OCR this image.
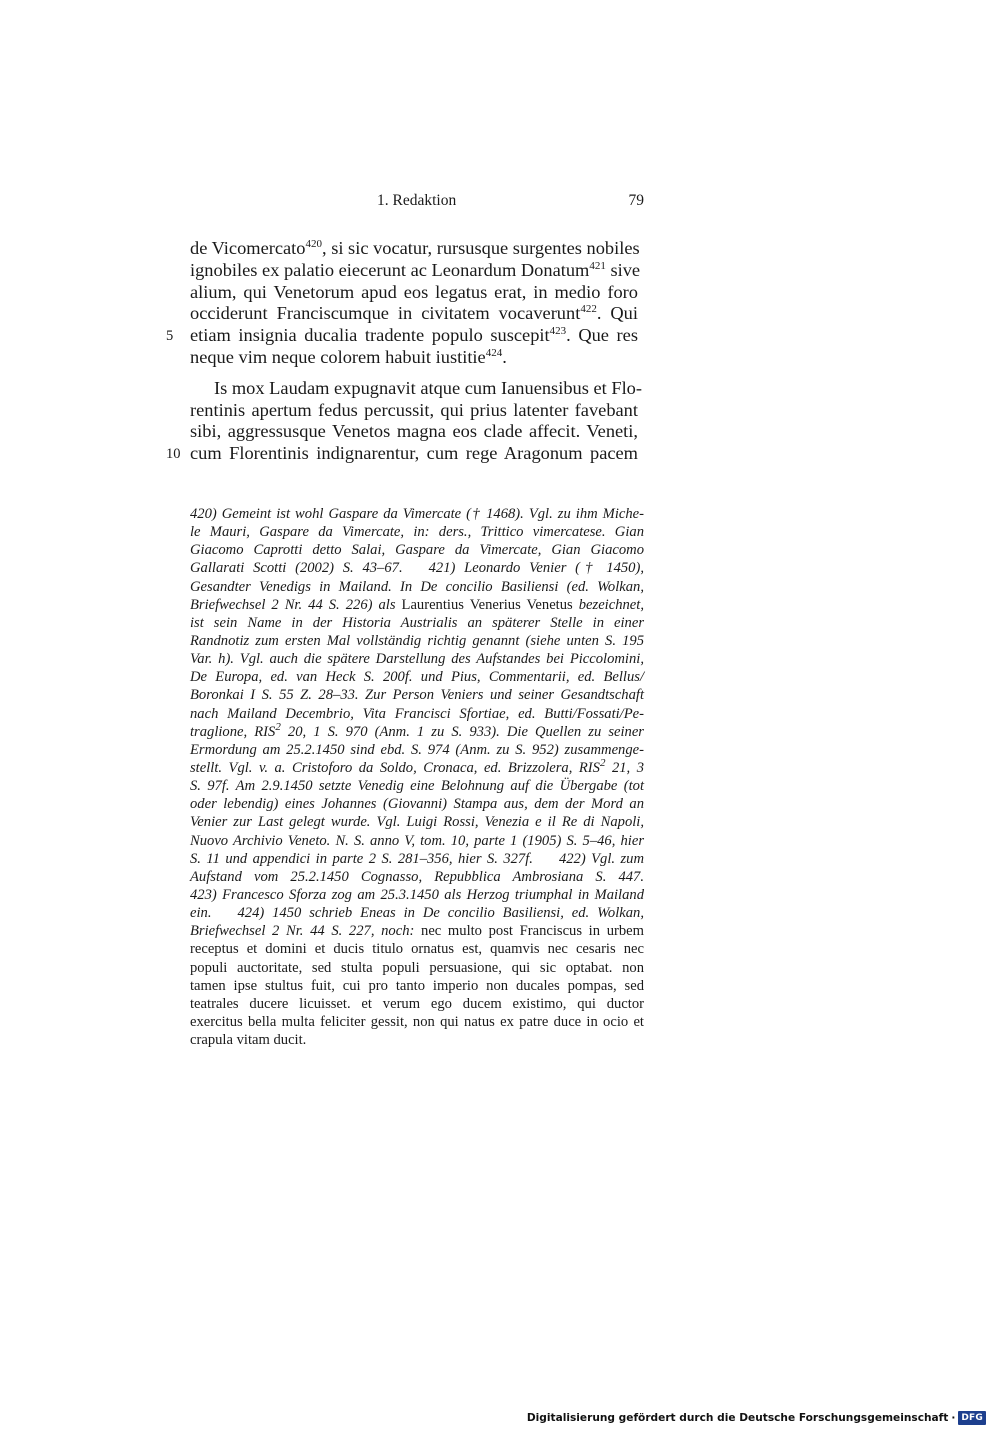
1. Redaktion	79
de Vicomercato$^{420}$, si sic vocatur, rursusque surgentes nobiles
ignobiles ex palatio eiecerunt ac Leonardum Donatum$^{421}$ sive
alium, qui Venetorum apud eos legatus erat, in medio foro
occiderunt Franciscumque in civitatem vocaverunt$^{422}$. Qui
5 etiam insignia ducalia tradente populo suscepit$^{423}$. Que res
neque vim neque colorem habuit iustitie$^{424}$.
Is mox Laudam expugnavit atque cum Ianuensibus et Flo-
rentinis apertum fedus percussit, qui prius latenter favebant
sibi, aggressusque Venetos magna eos clade affecit. Veneti,
10 cum Florentinis indignarentur, cum rege Aragonum pacem
420) Gemeint ist wohl Gaspare da Vimercate († 1468). Vgl. zu ihm Miche-
le Mauri, Gaspare da Vimercate, in: ders., Trittico vimercatese. Gian
Giacomo Caprotti detto Salai, Gaspare da Vimercate, Gian Giacomo
Gallarati Scotti (2002) S. 43–67. 421) Leonardo Venier († 1450),
Gesandter Venedigs in Mailand. In De concilio Basiliensi (ed. Wolkan,
Briefwechsel 2 Nr. 44 S. 226) als Laurentius Venerius Venetus bezeichnet,
ist sein Name in der Historia Austrialis an späterer Stelle in einer
Randnotiz zum ersten Mal vollständig richtig genannt (siehe unten S. 195
Var. h). Vgl. auch die spätere Darstellung des Aufstandes bei Piccolomini,
De Europa, ed. van Heck S. 200f. und Pius, Commentarii, ed. Bellus/
Boronkai I S. 55 Z. 28–33. Zur Person Veniers und seiner Gesandtschaft
nach Mailand Decembrio, Vita Francisci Sfortiae, ed. Butti/Fossati/Pe-
traglione, RIS$^2$ 20, 1 S. 970 (Anm. 1 zu S. 933). Die Quellen zu seiner
Ermordung am 25.2.1450 sind ebd. S. 974 (Anm. zu S. 952) zusammenge-
stellt. Vgl. v. a. Cristoforo da Soldo, Cronaca, ed. Brizzolera, RIS$^2$ 21, 3
S. 97f. Am 2.9.1450 setzte Venedig eine Belohnung auf die Übergabe (tot
oder lebendig) eines Johannes (Giovanni) Stampa aus, dem der Mord an
Venier zur Last gelegt wurde. Vgl. Luigi Rossi, Venezia e il Re di Napoli,
Nuovo Archivio Veneto. N. S. anno V, tom. 10, parte 1 (1905) S. 5–46, hier
S. 11 und appendici in parte 2 S. 281–356, hier S. 327f. 422) Vgl. zum
Aufstand vom 25.2.1450 Cognasso, Repubblica Ambrosiana S. 447.
423) Francesco Sforza zog am 25.3.1450 als Herzog triumphal in Mailand
ein. 424) 1450 schrieb Eneas in De concilio Basiliensi, ed. Wolkan,
Briefwechsel 2 Nr. 44 S. 227, noch: nec multo post Franciscus in urbem
receptus et domini et ducis titulo ornatus est, quamvis nec cesaris nec
populi auctoritate, sed stulta populi persuasione, qui sic optabat. non
tamen ipse stultus fuit, cui pro tanto imperio non ducales pompas, sed
teatrales ducere licuisset. et verum ego ducem existimo, qui ductor
exercitus bella multa feliciter gessit, non qui natus ex patre duce in ocio et
crapula vitam ducit.
Digitalisierung gefördert durch die Deutsche Forschungsgemeinschaft · DFG
